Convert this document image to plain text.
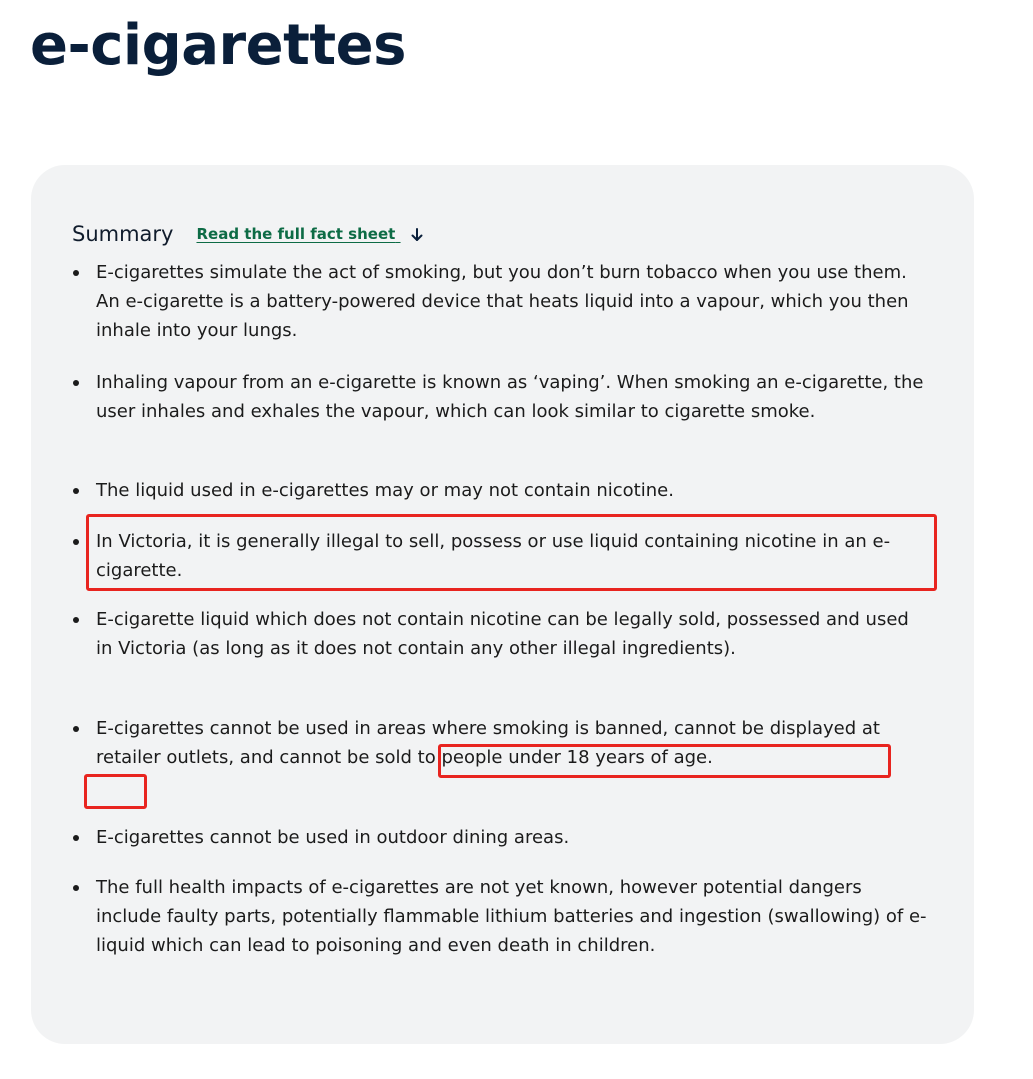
e-cigarettes
Summary Read the full fact sheet
E-cigarettes simulate the act of smoking, but you don’t burn tobacco when you use them. An e-cigarette is a battery-powered device that heats liquid into a vapour, which you then inhale into your lungs.
Inhaling vapour from an e-cigarette is known as ‘vaping’. When smoking an e-cigarette, the user inhales and exhales the vapour, which can look similar to cigarette smoke.
The liquid used in e-cigarettes may or may not contain nicotine.
In Victoria, it is generally illegal to sell, possess or use liquid containing nicotine in an e-cigarette.
E-cigarette liquid which does not contain nicotine can be legally sold, possessed and used in Victoria (as long as it does not contain any other illegal ingredients).
E-cigarettes cannot be used in areas where smoking is banned, cannot be displayed at retailer outlets, and cannot be sold to people under 18 years of age.
E-cigarettes cannot be used in outdoor dining areas.
The full health impacts of e-cigarettes are not yet known, however potential dangers include faulty parts, potentially flammable lithium batteries and ingestion (swallowing) of e-liquid which can lead to poisoning and even death in children.
